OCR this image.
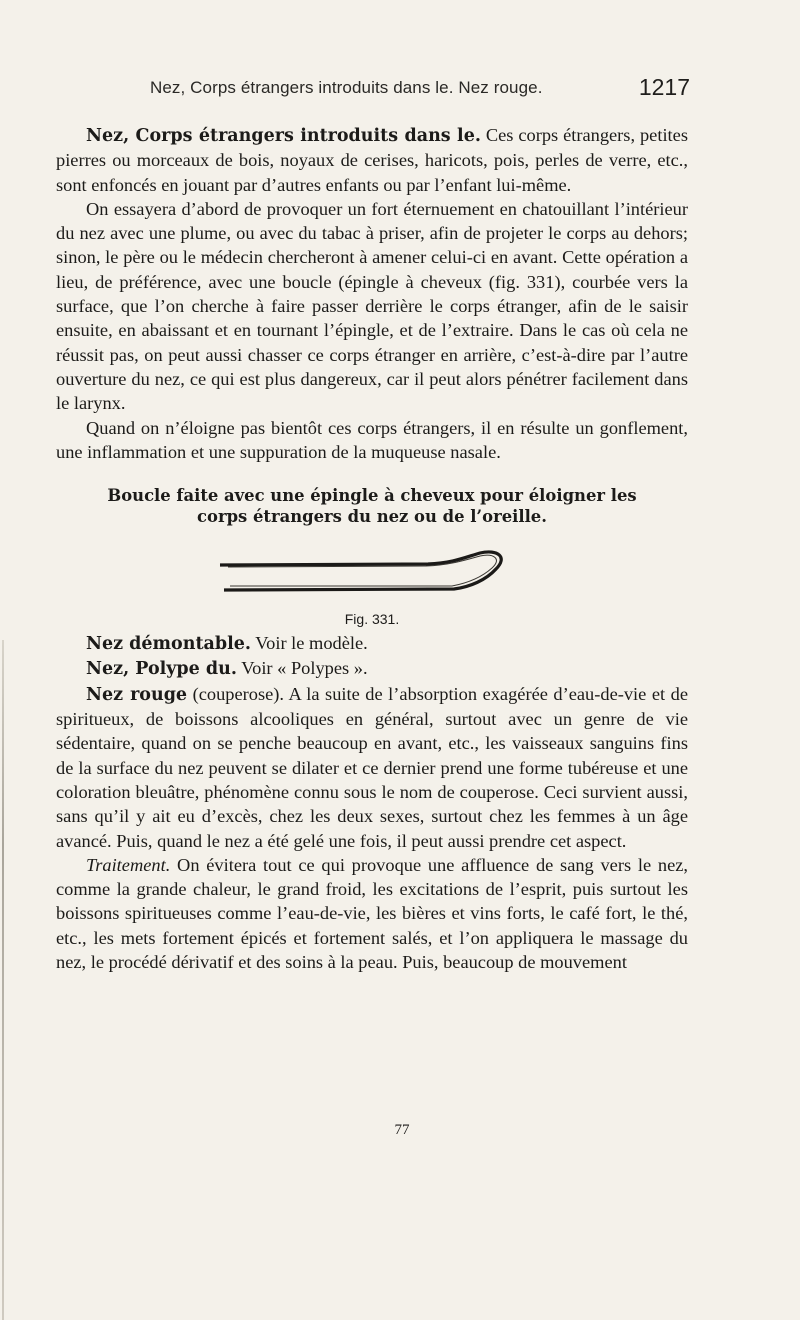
Nez, Corps étrangers introduits dans le. Nez rouge.	1217

Nez, Corps étrangers introduits dans le. Ces corps étrangers, petites pierres ou morceaux de bois, noyaux de cerises, haricots, pois, perles de verre, etc., sont enfoncés en jouant par d’autres enfants ou par l’enfant lui-même.

On essayera d’abord de provoquer un fort éternuement en chatouillant l’intérieur du nez avec une plume, ou avec du tabac à priser, afin de projeter le corps au dehors; sinon, le père ou le médecin chercheront à amener celui-ci en avant. Cette opération a lieu, de préférence, avec une boucle (épingle à cheveux (fig. 331), courbée vers la surface, que l’on cherche à faire passer derrière le corps étranger, afin de le saisir ensuite, en abaissant et en tournant l’épingle, et de l’extraire. Dans le cas où cela ne réussit pas, on peut aussi chasser ce corps étranger en arrière, c’est-à-dire par l’autre ouverture du nez, ce qui est plus dangereux, car il peut alors pénétrer facilement dans le larynx.

Quand on n’éloigne pas bientôt ces corps étrangers, il en résulte un gonflement, une inflammation et une suppuration de la muqueuse nasale.

Boucle faite avec une épingle à cheveux pour éloigner les
corps étrangers du nez ou de l’oreille.
Fig. 331.

Nez démontable. Voir le modèle.

Nez, Polype du. Voir « Polypes ».

Nez rouge (couperose). A la suite de l’absorption exagérée d’eau-de-vie et de spiritueux, de boissons alcooliques en général, surtout avec un genre de vie sédentaire, quand on se penche beaucoup en avant, etc., les vaisseaux sanguins fins de la surface du nez peuvent se dilater et ce dernier prend une forme tubéreuse et une coloration bleuâtre, phénomène connu sous le nom de couperose. Ceci survient aussi, sans qu’il y ait eu d’excès, chez les deux sexes, surtout chez les femmes à un âge avancé. Puis, quand le nez a été gelé une fois, il peut aussi prendre cet aspect.

Traitement. On évitera tout ce qui provoque une affluence de sang vers le nez, comme la grande chaleur, le grand froid, les excitations de l’esprit, puis surtout les boissons spiritueuses comme l’eau-de-vie, les bières et vins forts, le café fort, le thé, etc., les mets fortement épicés et fortement salés, et l’on appliquera le massage du nez, le procédé dérivatif et des soins à la peau. Puis, beaucoup de mouvement

77
